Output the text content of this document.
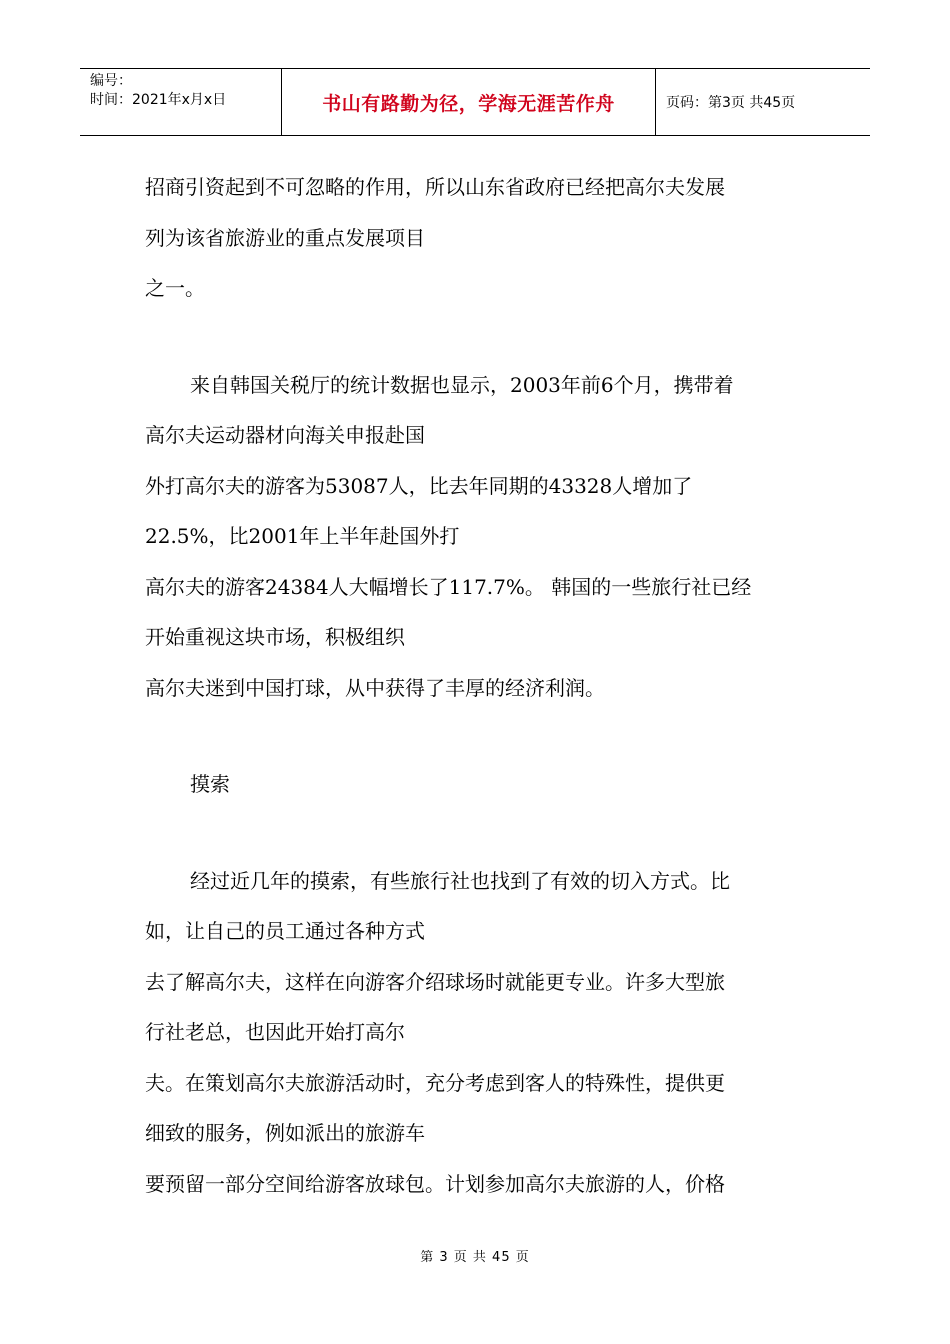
编号：
时间：2021年x月x日	书山有路勤为径，学海无涯苦作舟	页码：第3页 共45页
招商引资起到不可忽略的作用，所以山东省政府已经把高尔夫发展
列为该省旅游业的重点发展项目
之一。
来自韩国关税厅的统计数据也显示，2003年前6个月，携带着
高尔夫运动器材向海关申报赴国
外打高尔夫的游客为53087人，比去年同期的43328人增加了
22.5%，比2001年上半年赴国外打
高尔夫的游客24384人大幅增长了117.7%。 韩国的一些旅行社已经
开始重视这块市场，积极组织
高尔夫迷到中国打球，从中获得了丰厚的经济利润。
摸索
经过近几年的摸索，有些旅行社也找到了有效的切入方式。比
如，让自己的员工通过各种方式
去了解高尔夫，这样在向游客介绍球场时就能更专业。许多大型旅
行社老总，也因此开始打高尔
夫。在策划高尔夫旅游活动时，充分考虑到客人的特殊性，提供更
细致的服务，例如派出的旅游车
要预留一部分空间给游客放球包。计划参加高尔夫旅游的人，价格
第 3 页 共 45 页
